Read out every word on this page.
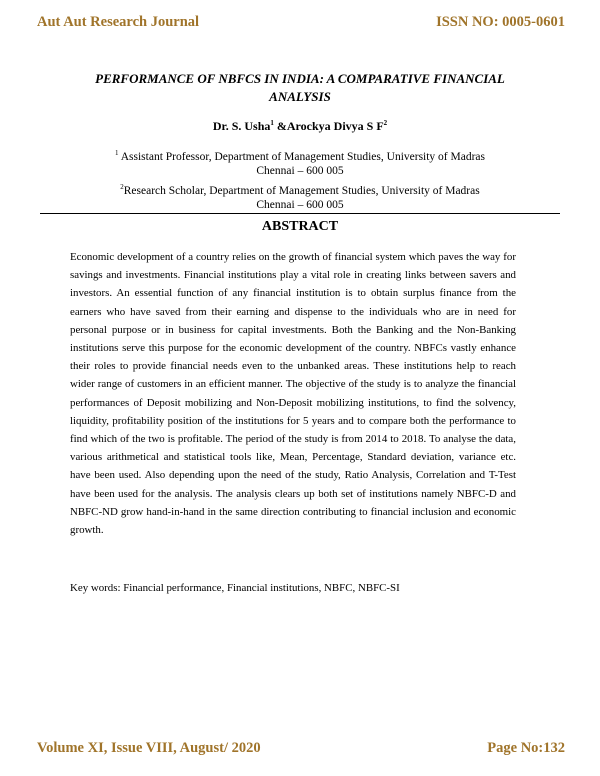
Aut Aut Research Journal	ISSN NO: 0005-0601
PERFORMANCE OF NBFCS IN INDIA: A COMPARATIVE FINANCIAL ANALYSIS
Dr. S. Usha$^1$ &Arockya Divya S $F^2$
$^1$ Assistant Professor, Department of Management Studies, University of Madras
Chennai – 600 005
$^2$Research Scholar, Department of Management Studies, University of Madras
Chennai – 600 005
ABSTRACT

Economic development of a country relies on the growth of financial system which paves the way for savings and investments. Financial institutions play a vital role in creating links between savers and investors. An essential function of any financial institution is to obtain surplus finance from the earners who have saved from their earning and dispense to the individuals who are in need for personal purpose or in business for capital investments. Both the Banking and the Non-Banking institutions serve this purpose for the economic development of the country. NBFCs vastly enhance their roles to provide financial needs even to the unbanked areas. These institutions help to reach wider range of customers in an efficient manner. The objective of the study is to analyze the financial performances of Deposit mobilizing and Non-Deposit mobilizing institutions, to find the solvency, liquidity, profitability position of the institutions for 5 years and to compare both the performance to find which of the two is profitable. The period of the study is from 2014 to 2018. To analyse the data, various arithmetical and statistical tools like, Mean, Percentage, Standard deviation, variance etc. have been used. Also depending upon the need of the study, Ratio Analysis, Correlation and T-Test have been used for the analysis. The analysis clears up both set of institutions namely NBFC-D and NBFC-ND grow hand-in-hand in the same direction contributing to financial inclusion and economic growth.

Key words: Financial performance, Financial institutions, NBFC, NBFC-SI

Volume XI, Issue VIII, August/ 2020	Page No:132
